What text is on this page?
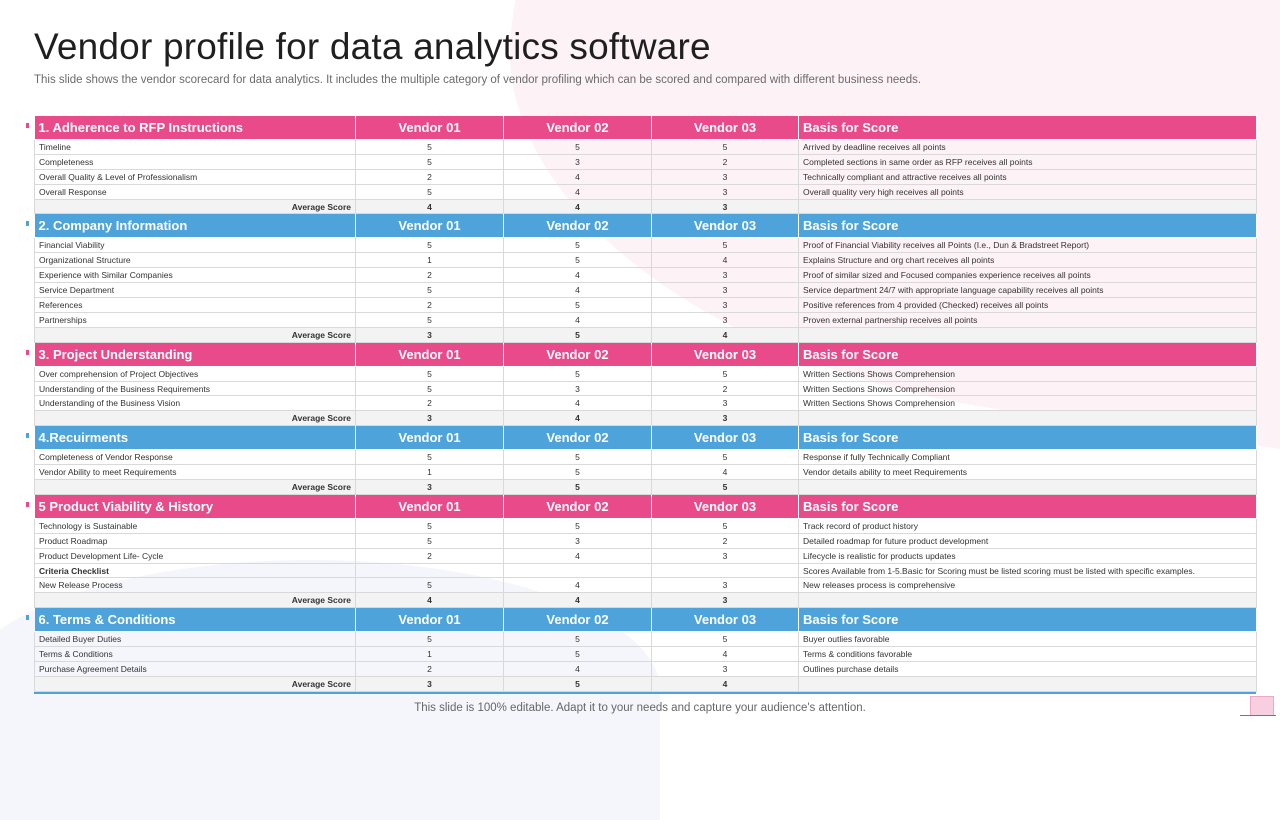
Vendor profile for data analytics software
This slide shows the vendor scorecard for data analytics. It includes the multiple category of vendor profiling which can be scored and compared with different business needs.
1. Adherence to RFP Instructions	Vendor 01	Vendor 02	Vendor 03	Basis for Score
Timeline	5	5	5	Arrived by deadline receives all points
Completeness	5	3	2	Completed sections in same order as RFP receives all points
Overall Quality & Level of Professionalism	2	4	3	Technically compliant and attractive receives all points
Overall Response	5	4	3	Overall quality very high receives all points
Average Score	4	4	3	

2. Company Information	Vendor 01	Vendor 02	Vendor 03	Basis for Score
Financial Viability	5	5	5	Proof of Financial Viability receives all Points (I.e., Dun & Bradstreet Report)
Organizational Structure	1	5	4	Explains Structure and org chart receives all points
Experience with Similar Companies	2	4	3	Proof of similar sized and Focused companies experience receives all points
Service Department	5	4	3	Service department 24/7 with appropriate language capability receives all points
References	2	5	3	Positive references from 4 provided (Checked) receives all points
Partnerships	5	4	3	Proven external partnership receives all points
Average Score	3	5	4	

3. Project Understanding	Vendor 01	Vendor 02	Vendor 03	Basis for Score
Over comprehension of Project Objectives	5	5	5	Written Sections Shows Comprehension
Understanding of the Business Requirements	5	3	2	Written Sections Shows Comprehension
Understanding of the Business Vision	2	4	3	Written Sections Shows Comprehension
Average Score	3	4	3	

4.Recuirments	Vendor 01	Vendor 02	Vendor 03	Basis for Score
Completeness of Vendor Response	5	5	5	Response if fully Technically Compliant
Vendor Ability to meet Requirements	1	5	4	Vendor details ability to meet Requirements
Average Score	3	5	5	

5 Product Viability & History	Vendor 01	Vendor 02	Vendor 03	Basis for Score
Technology is Sustainable	5	5	5	Track record of product history
Product Roadmap	5	3	2	Detailed roadmap for future product development
Product Development Life- Cycle	2	4	3	Lifecycle is realistic for products updates
Criteria Checklist				Scores Available from 1-5.Basic for Scoring must be listed scoring must be listed with specific examples.
New Release Process	5	4	3	New releases process is comprehensive
Average Score	4	4	3	

6. Terms & Conditions	Vendor 01	Vendor 02	Vendor 03	Basis for Score
Detailed Buyer Duties	5	5	5	Buyer outlies favorable
Terms & Conditions	1	5	4	Terms & conditions favorable
Purchase Agreement Details	2	4	3	Outlines purchase details
Average Score	3	5	4	
This slide is 100% editable. Adapt it to your needs and capture your audience's attention.
